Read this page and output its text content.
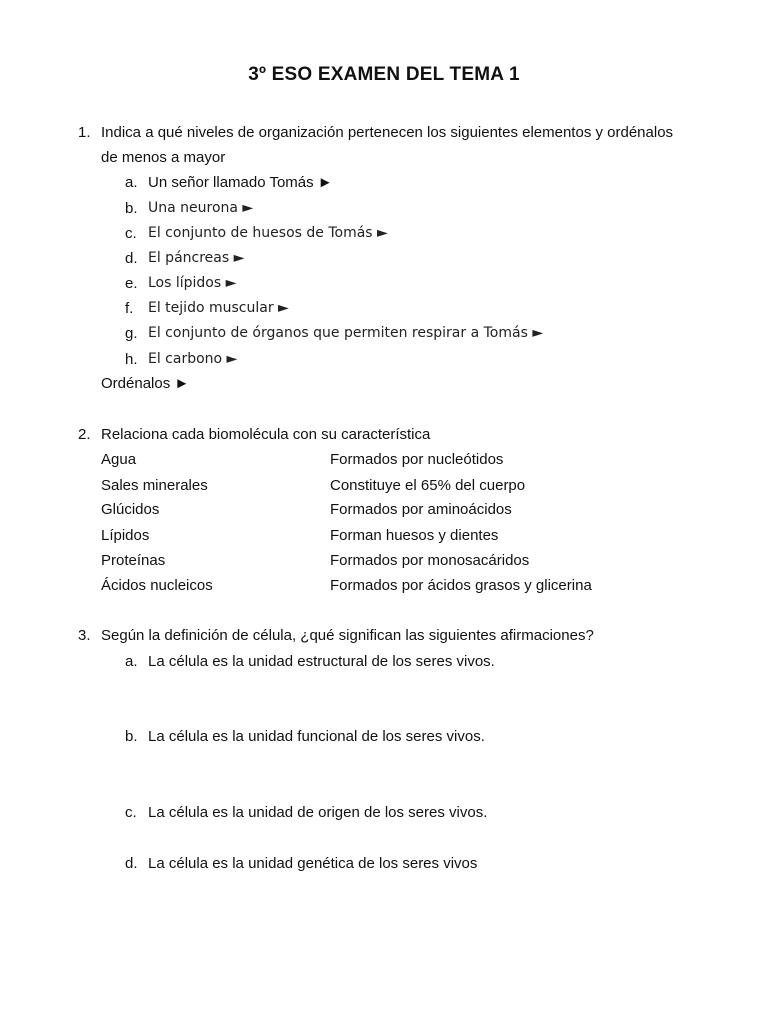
3º ESO EXAMEN DEL TEMA 1
1. Indica a qué niveles de organización pertenecen los siguientes elementos y ordénalos
de menos a mayor
a. Un señor llamado Tomás ►
b. Una neurona ►
c. El conjunto de huesos de Tomás ►
d. El páncreas ►
e. Los lípidos ►
f. El tejido muscular ►
g. El conjunto de órganos que permiten respirar a Tomás ►
h. El carbono ►
Ordénalos ►
2. Relaciona cada biomolécula con su característica
Agua	Formados por nucleótidos
Sales minerales	Constituye el 65% del cuerpo
Glúcidos	Formados por aminoácidos
Lípidos	Forman huesos y dientes
Proteínas	Formados por monosacáridos
Ácidos nucleicos	Formados por ácidos grasos y glicerina
3. Según la definición de célula, ¿qué significan las siguientes afirmaciones?
a. La célula es la unidad estructural de los seres vivos.
b. La célula es la unidad funcional de los seres vivos.
c. La célula es la unidad de origen de los seres vivos.
d. La célula es la unidad genética de los seres vivos
